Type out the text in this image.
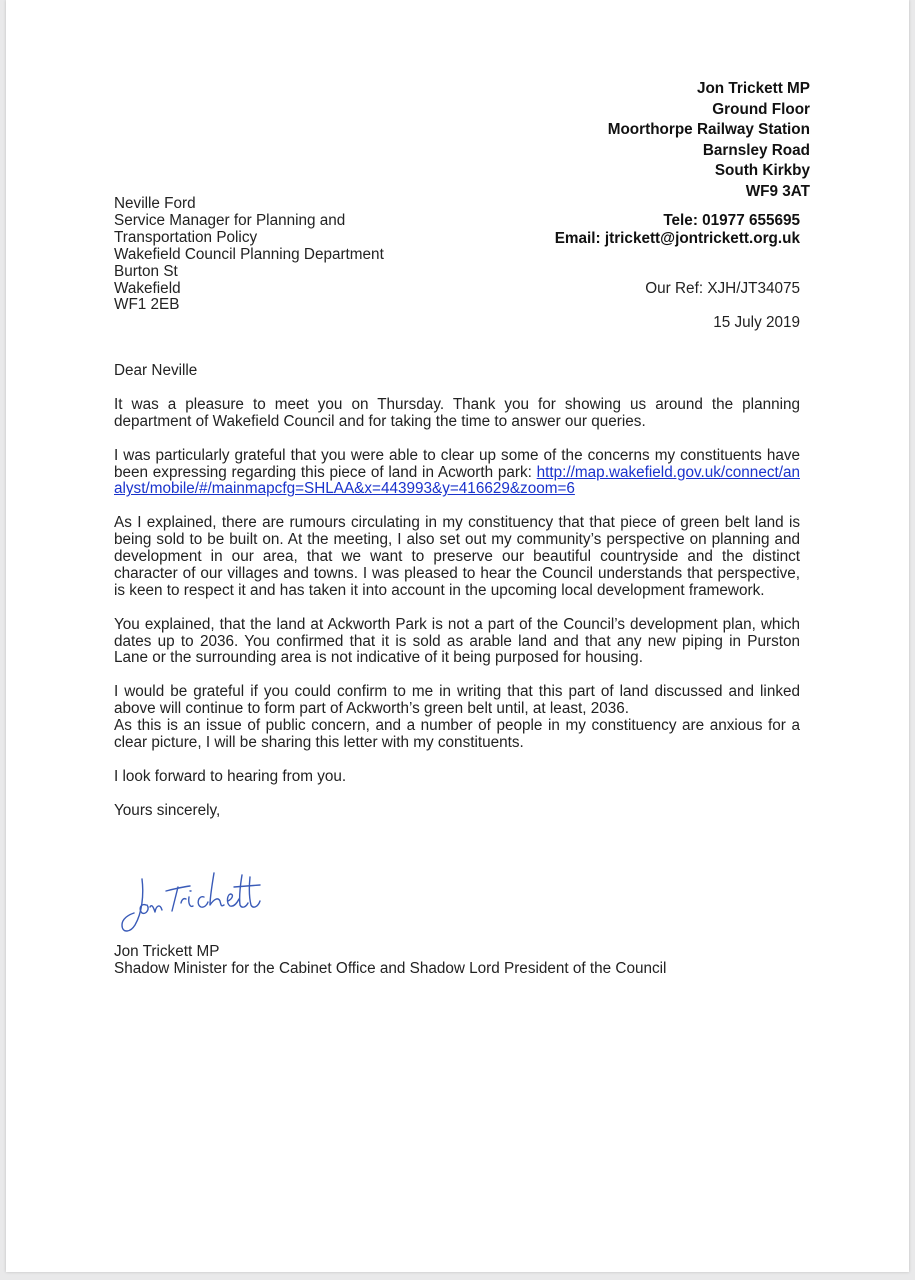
Jon Trickett MP
Ground Floor
Moorthorpe Railway Station
Barnsley Road
South Kirkby
WF9 3AT
Tele: 01977 655695
Email: jtrickett@jontrickett.org.uk
Neville Ford
Service Manager for Planning and
Transportation Policy
Wakefield Council Planning Department
Burton St
Wakefield
WF1 2EB
Our Ref: XJH/JT34075
15 July 2019

Dear Neville

It was a pleasure to meet you on Thursday. Thank you for showing us around the planning department of Wakefield Council and for taking the time to answer our queries.

I was particularly grateful that you were able to clear up some of the concerns my constituents have been expressing regarding this piece of land in Acworth park: http://map.wakefield.gov.uk/connect/analyst/mobile/#/mainmapcfg=SHLAA&x=443993&y=416629&zoom=6

As I explained, there are rumours circulating in my constituency that that piece of green belt land is being sold to be built on. At the meeting, I also set out my community’s perspective on planning and development in our area, that we want to preserve our beautiful countryside and the distinct character of our villages and towns. I was pleased to hear the Council understands that perspective, is keen to respect it and has taken it into account in the upcoming local development framework.

You explained, that the land at Ackworth Park is not a part of the Council’s development plan, which dates up to 2036. You confirmed that it is sold as arable land and that any new piping in Purston Lane or the surrounding area is not indicative of it being purposed for housing.

I would be grateful if you could confirm to me in writing that this part of land discussed and linked above will continue to form part of Ackworth’s green belt until, at least, 2036.

As this is an issue of public concern, and a number of people in my constituency are anxious for a clear picture, I will be sharing this letter with my constituents.

I look forward to hearing from you.

Yours sincerely,

Jon Trickett MP
Shadow Minister for the Cabinet Office and Shadow Lord President of the Council
